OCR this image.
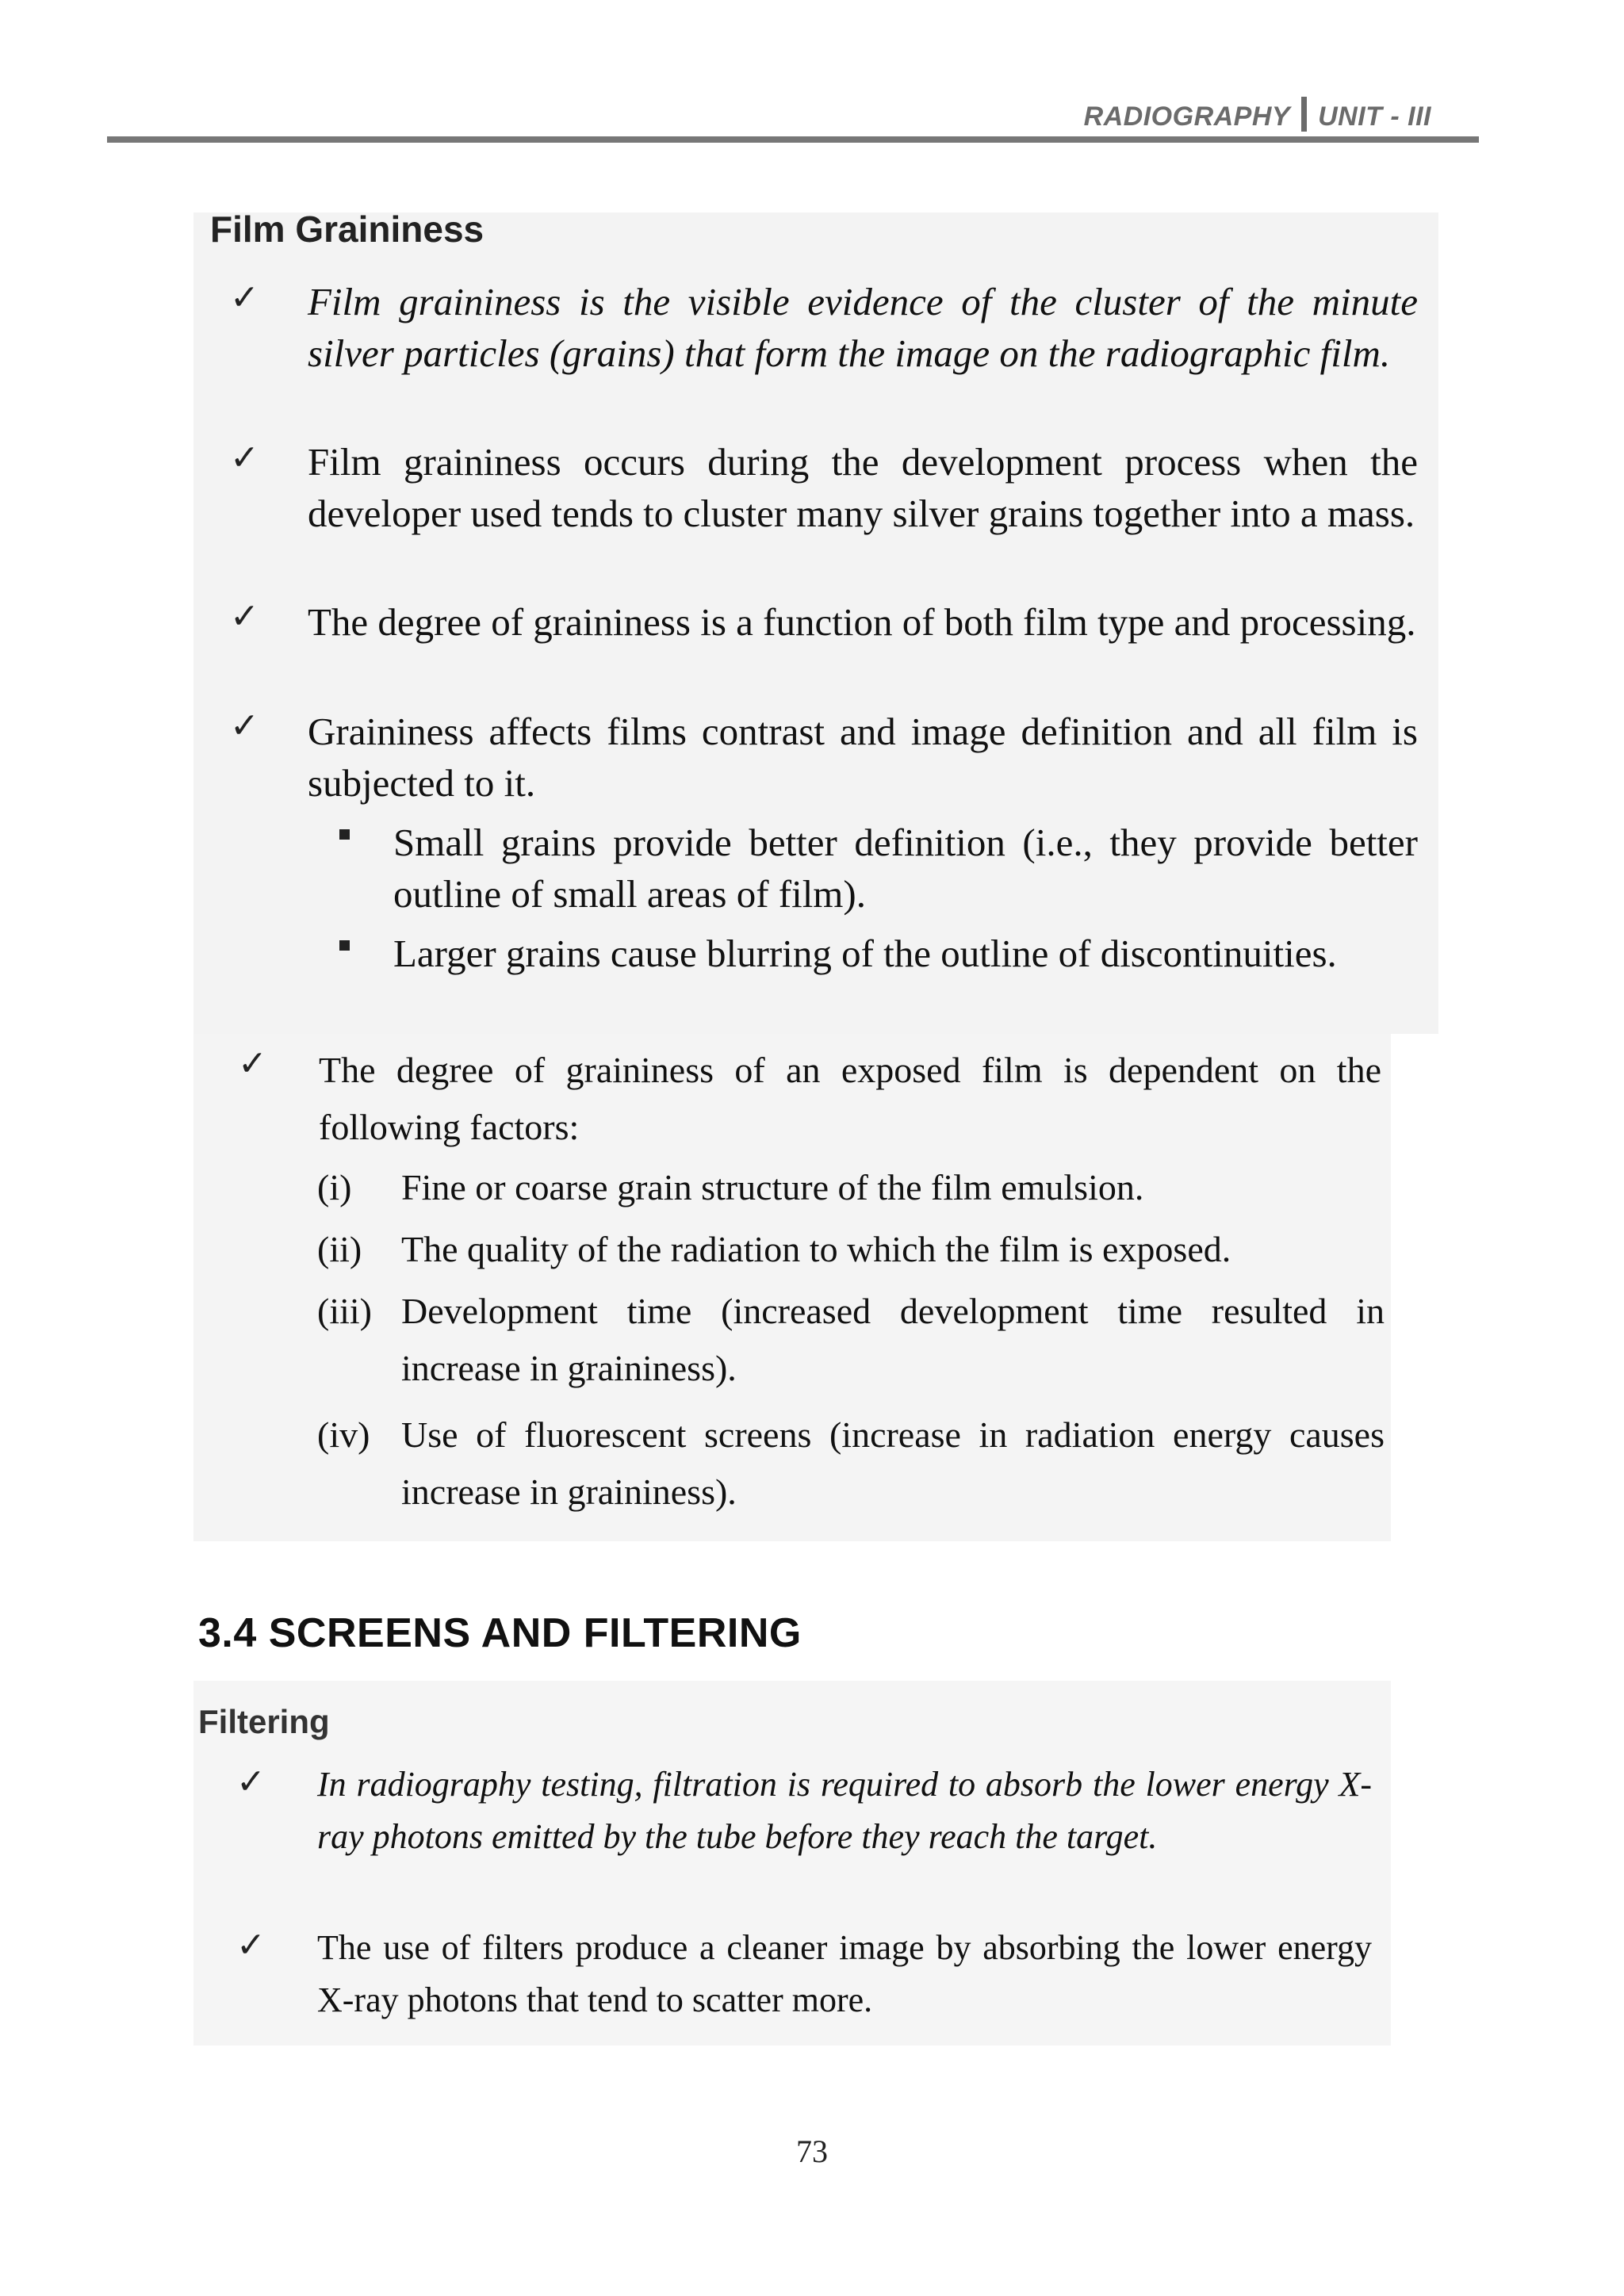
RADIOGRAPHY UNIT - III
Film Graininess
✓ Film graininess is the visible evidence of the cluster of the minute silver particles (grains) that form the image on the radiographic film.
✓ Film graininess occurs during the development process when the developer used tends to cluster many silver grains together into a mass.
✓ The degree of graininess is a function of both film type and processing.
✓ Graininess affects films contrast and image definition and all film is subjected to it.
Small grains provide better definition (i.e., they provide better outline of small areas of film).
Larger grains cause blurring of the outline of discontinuities.
✓ The degree of graininess of an exposed film is dependent on the following factors:
(i) Fine or coarse grain structure of the film emulsion.
(ii) The quality of the radiation to which the film is exposed.
(iii) Development time (increased development time resulted in increase in graininess).
(iv) Use of fluorescent screens (increase in radiation energy causes increase in graininess).
3.4 SCREENS AND FILTERING
Filtering
✓ In radiography testing, filtration is required to absorb the lower energy X-ray photons emitted by the tube before they reach the target.
✓ The use of filters produce a cleaner image by absorbing the lower energy X-ray photons that tend to scatter more.
73
